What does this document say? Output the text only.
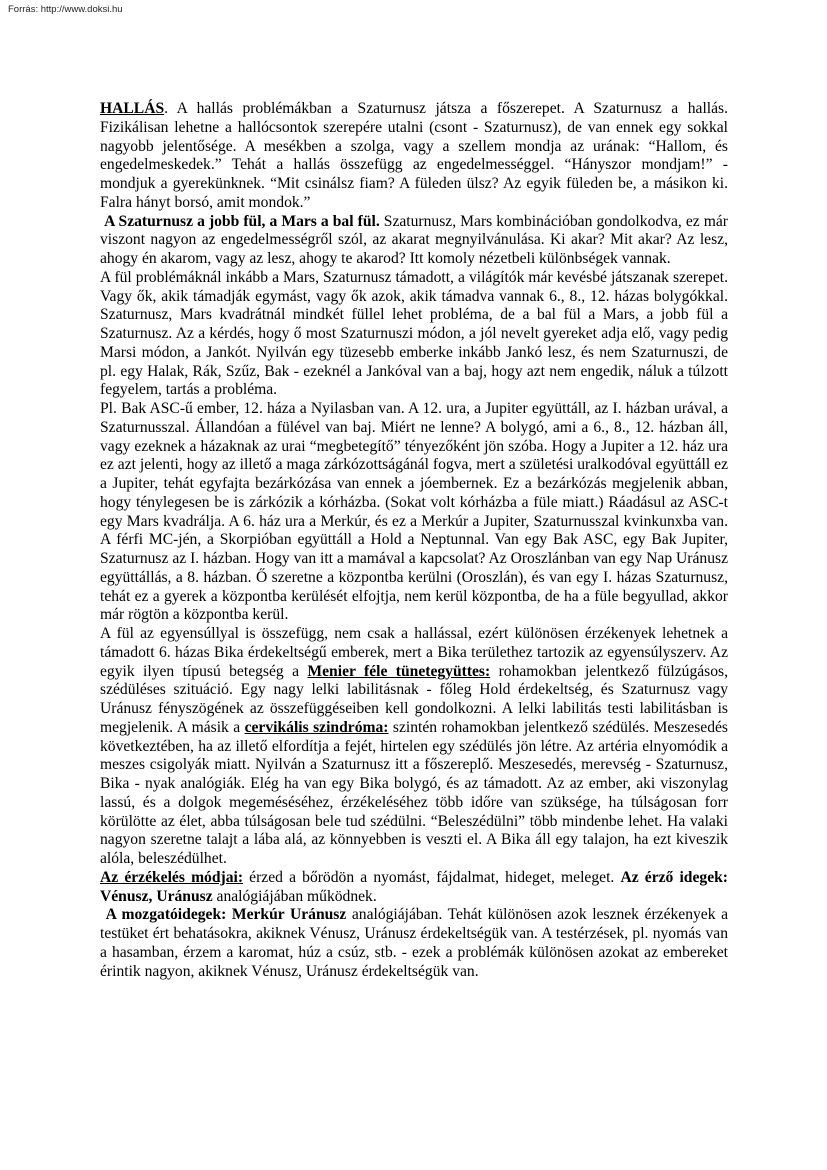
Forrás: http://www.doksi.hu

HALLÁS. A hallás problémákban a Szaturnusz játsza a főszerepet. A Szaturnusz a hallás. Fizikálisan lehetne a hallócsontok szerepére utalni (csont - Szaturnusz), de van ennek egy sokkal nagyobb jelentősége. A mesékben a szolga, vagy a szellem mondja az urának: “Hallom, és engedelmeskedek.” Tehát a hallás összefügg az engedelmességgel. “Hányszor mondjam!” - mondjuk a gyerekünknek. “Mit csinálsz fiam? A füleden ülsz? Az egyik füleden be, a másikon ki. Falra hányt borsó, amit mondok.”

A Szaturnusz a jobb fül, a Mars a bal fül. Szaturnusz, Mars kombinációban gondolkodva, ez már viszont nagyon az engedelmességről szól, az akarat megnyilvánulása. Ki akar? Mit akar? Az lesz, ahogy én akarom, vagy az lesz, ahogy te akarod? Itt komoly nézetbeli különbségek vannak.

A fül problémáknál inkább a Mars, Szaturnusz támadott, a világítók már kevésbé játszanak szerepet. Vagy ők, akik támadják egymást, vagy ők azok, akik támadva vannak 6., 8., 12. házas bolygókkal. Szaturnusz, Mars kvadrátnál mindkét füllel lehet probléma, de a bal fül a Mars, a jobb fül a Szaturnusz. Az a kérdés, hogy ő most Szaturnuszi módon, a jól nevelt gyereket adja elő, vagy pedig Marsi módon, a Jankót. Nyilván egy tüzesebb emberke inkább Jankó lesz, és nem Szaturnuszi, de pl. egy Halak, Rák, Szűz, Bak - ezeknél a Jankóval van a baj, hogy azt nem engedik, náluk a túlzott fegyelem, tartás a probléma.

Pl. Bak ASC-ű ember, 12. háza a Nyilasban van. A 12. ura, a Jupiter együttáll, az I. házban urával, a Szaturnusszal. Állandóan a fülével van baj. Miért ne lenne? A bolygó, ami a 6., 8., 12. házban áll, vagy ezeknek a házaknak az urai “megbetegítő” tényezőként jön szóba. Hogy a Jupiter a 12. ház ura ez azt jelenti, hogy az illető a maga zárkózottságánál fogva, mert a születési uralkodóval együttáll ez a Jupiter, tehát egyfajta bezárkózása van ennek a jóembernek. Ez a bezárkózás megjelenik abban, hogy ténylegesen be is zárkózik a kórházba. (Sokat volt kórházba a füle miatt.) Ráadásul az ASC-t egy Mars kvadrálja. A 6. ház ura a Merkúr, és ez a Merkúr a Jupiter, Szaturnusszal kvinkunxba van. A férfi MC-jén, a Skorpióban együttáll a Hold a Neptunnal. Van egy Bak ASC, egy Bak Jupiter, Szaturnusz az I. házban. Hogy van itt a mamával a kapcsolat? Az Oroszlánban van egy Nap Uránusz együttállás, a 8. házban. Ő szeretne a központba kerülni (Oroszlán), és van egy I. házas Szaturnusz, tehát ez a gyerek a központba kerülését elfojtja, nem kerül központba, de ha a füle begyullad, akkor már rögtön a központba kerül.

A fül az egyensúllyal is összefügg, nem csak a hallással, ezért különösen érzékenyek lehetnek a támadott 6. házas Bika érdekeltségű emberek, mert a Bika területhez tartozik az egyensúlyszerv. Az egyik ilyen típusú betegség a Menier féle tünetegyüttes: rohamokban jelentkező fülzúgásos, szédüléses szituáció. Egy nagy lelki labilitásnak - főleg Hold érdekeltség, és Szaturnusz vagy Uránusz fényszögének az összefüggéseiben kell gondolkozni. A lelki labilitás testi labilitásban is megjelenik. A másik a cervikális szindróma: szintén rohamokban jelentkező szédülés. Meszesedés következtében, ha az illető elfordítja a fejét, hirtelen egy szédülés jön létre. Az artéria elnyomódik a meszes csigolyák miatt. Nyilván a Szaturnusz itt a főszereplő. Meszesedés, merevség - Szaturnusz, Bika - nyak analógiák. Elég ha van egy Bika bolygó, és az támadott. Az az ember, aki viszonylag lassú, és a dolgok megeméséséhez, érzékeléséhez több időre van szüksége, ha túlságosan forr körülötte az élet, abba túlságosan bele tud szédülni. “Beleszédülni” több mindenbe lehet. Ha valaki nagyon szeretne talajt a lába alá, az könnyebben is veszti el. A Bika áll egy talajon, ha ezt kiveszik alóla, beleszédülhet.

Az érzékelés módjai: érzed a bőrödön a nyomást, fájdalmat, hideget, meleget. Az érző idegek: Vénusz, Uránusz analógiájában működnek.

A mozgatóidegek: Merkúr Uránusz analógiájában. Tehát különösen azok lesznek érzékenyek a testüket ért behatásokra, akiknek Vénusz, Uránusz érdekeltségük van. A testérzések, pl. nyomás van a hasamban, érzem a karomat, húz a csúz, stb. - ezek a problémák különösen azokat az embereket érintik nagyon, akiknek Vénusz, Uránusz érdekeltségük van.
